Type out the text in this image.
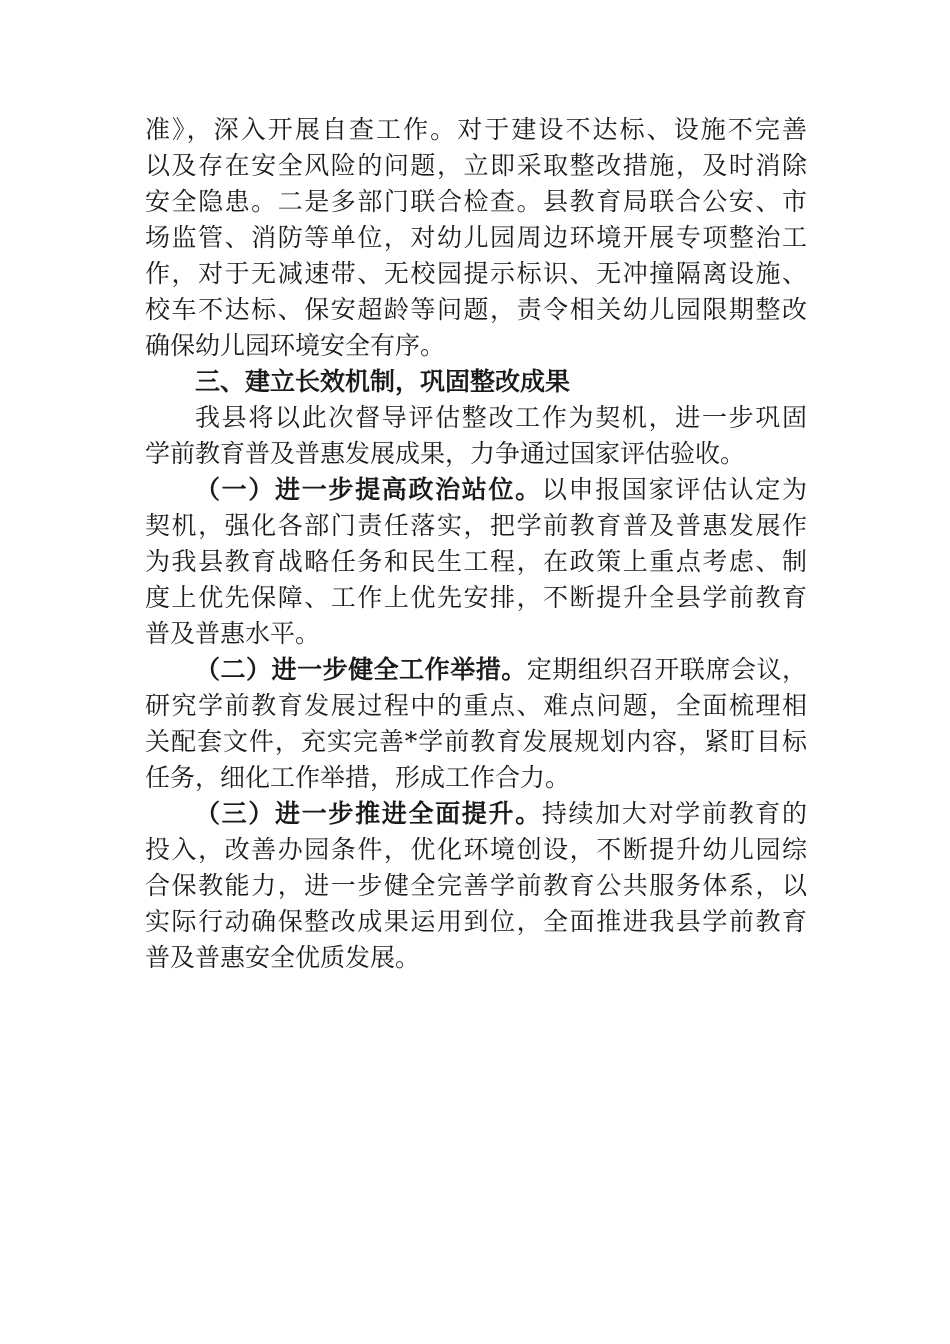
准》，深入开展自查工作。对于建设不达标、设施不完善
以及存在安全风险的问题，立即采取整改措施，及时消除
安全隐患。二是多部门联合检查。县教育局联合公安、市
场监管、消防等单位，对幼儿园周边环境开展专项整治工
作，对于无减速带、无校园提示标识、无冲撞隔离设施、
校车不达标、保安超龄等问题，责令相关幼儿园限期整改
确保幼儿园环境安全有序。
三、建立长效机制，巩固整改成果
我县将以此次督导评估整改工作为契机，进一步巩固
学前教育普及普惠发展成果，力争通过国家评估验收。
（一）进一步提高政治站位。以申报国家评估认定为
契机，强化各部门责任落实，把学前教育普及普惠发展作
为我县教育战略任务和民生工程，在政策上重点考虑、制
度上优先保障、工作上优先安排，不断提升全县学前教育
普及普惠水平。
（二）进一步健全工作举措。定期组织召开联席会议，
研究学前教育发展过程中的重点、难点问题，全面梳理相
关配套文件，充实完善*学前教育发展规划内容，紧盯目标
任务，细化工作举措，形成工作合力。
（三）进一步推进全面提升。持续加大对学前教育的
投入，改善办园条件，优化环境创设，不断提升幼儿园综
合保教能力，进一步健全完善学前教育公共服务体系，以
实际行动确保整改成果运用到位，全面推进我县学前教育
普及普惠安全优质发展。
